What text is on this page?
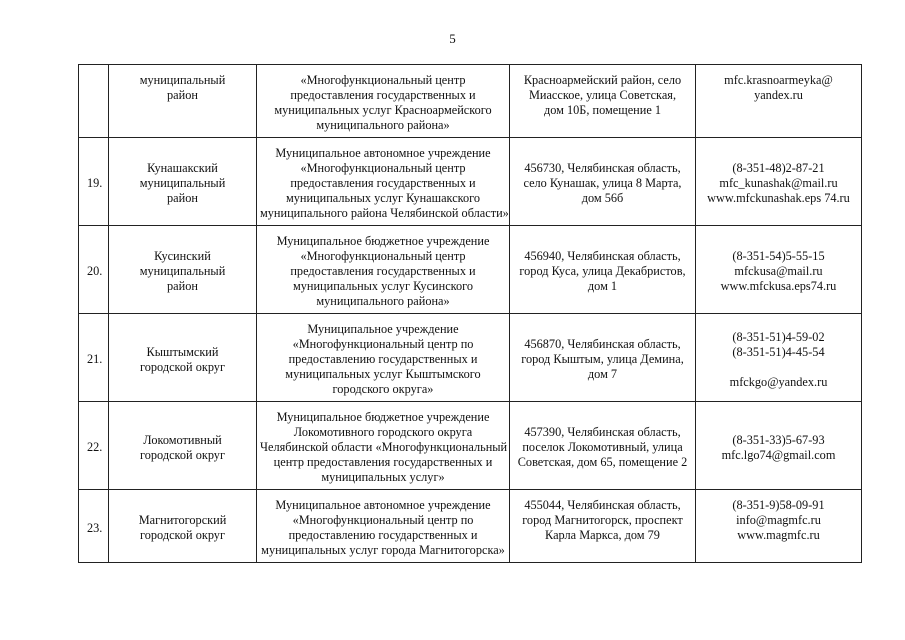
5

	муниципальный
район	«Многофункциональный центр
предоставления государственных и
муниципальных услуг Красноармейского
муниципального района»	Красноармейский район, село
Миасское, улица Советская,
дом 10Б, помещение 1	mfc.krasnoarmeyka@
yandex.ru

19.	Кунашакский
муниципальный
район	Муниципальное автономное учреждение
«Многофункциональный центр
предоставления государственных и
муниципальных услуг Кунашакского
муниципального района Челябинской области»	456730, Челябинская область,
село Кунашак, улица 8 Марта,
дом 56б	(8-351-48)2-87-21
mfc_kunashak@mail.ru
www.mfckunashak.eps 74.ru

20.	Кусинский
муниципальный
район	Муниципальное бюджетное учреждение
«Многофункциональный центр
предоставления государственных и
муниципальных услуг Кусинского
муниципального района»	456940, Челябинская область,
город Куса, улица Декабристов,
дом 1	(8-351-54)5-55-15
mfckusa@mail.ru
www.mfckusa.eps74.ru

21.	Кыштымский
городской округ	Муниципальное учреждение
«Многофункциональный центр по
предоставлению государственных и
муниципальных услуг Кыштымского
городского округа»	456870, Челябинская область,
город Кыштым, улица Демина,
дом 7	(8-351-51)4-59-02
(8-351-51)4-45-54
mfckgo@yandex.ru

22.	Локомотивный
городской округ	Муниципальное бюджетное учреждение
Локомотивного городского округа
Челябинской области «Многофункциональный
центр предоставления государственных и
муниципальных услуг»	457390, Челябинская область,
поселок Локомотивный, улица
Советская, дом 65, помещение 2	(8-351-33)5-67-93
mfc.lgo74@gmail.com

23.	Магнитогорский
городской округ	Муниципальное автономное учреждение
«Многофункциональный центр по
предоставлению государственных и
муниципальных услуг города Магнитогорска»	455044, Челябинская область,
город Магнитогорск, проспект
Карла Маркса, дом 79	(8-351-9)58-09-91
info@magmfc.ru
www.magmfc.ru
